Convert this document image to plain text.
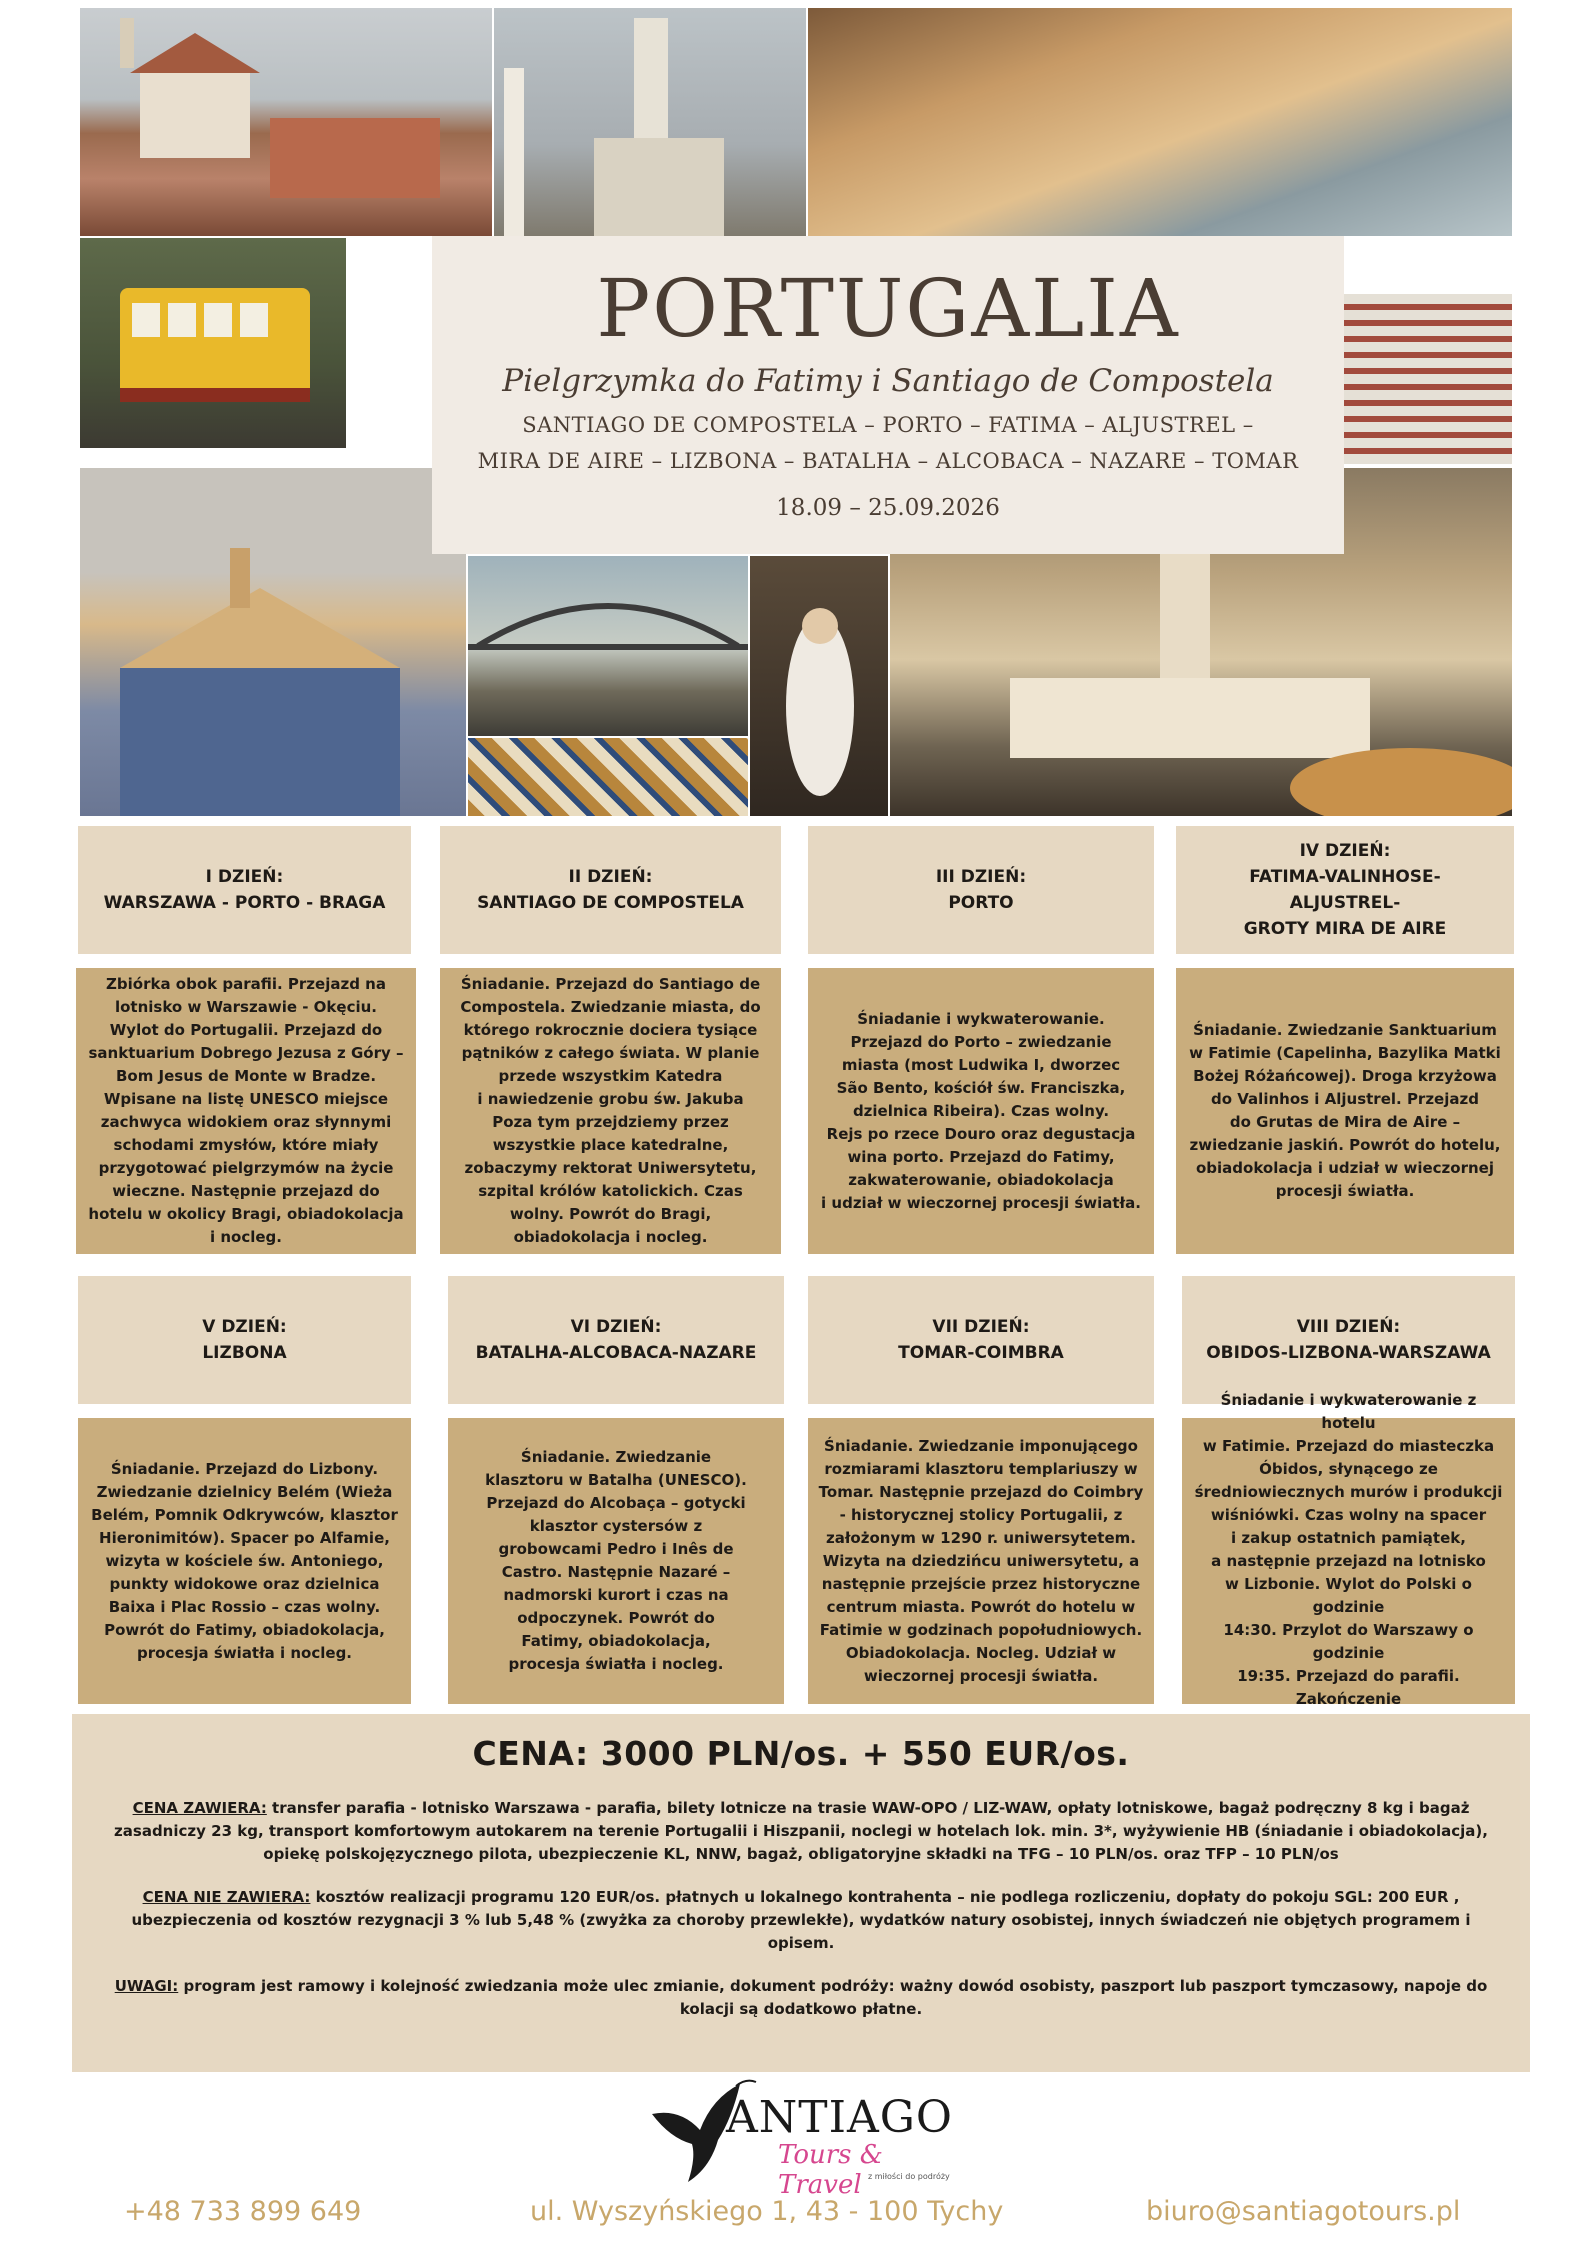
PORTUGALIA
Pielgrzymka do Fatimy i Santiago de Compostela
SANTIAGO DE COMPOSTELA – PORTO – FATIMA – ALJUSTREL –
MIRA DE AIRE – LIZBONA – BATALHA – ALCOBACA – NAZARE – TOMAR
18.09 – 25.09.2026
I DZIEŃ:
WARSZAWA - PORTO - BRAGA
II DZIEŃ:
SANTIAGO DE COMPOSTELA
III DZIEŃ:
PORTO
IV DZIEŃ:
FATIMA-VALINHOSE-
ALJUSTREL-
GROTY MIRA DE AIRE
Zbiórka obok parafii. Przejazd na
lotnisko w Warszawie - Okęciu.
Wylot do Portugalii. Przejazd do
sanktuarium Dobrego Jezusa z Góry –
Bom Jesus de Monte w Bradze.
Wpisane na listę UNESCO miejsce
zachwyca widokiem oraz słynnymi
schodami zmysłów, które miały
przygotować pielgrzymów na życie
wieczne. Następnie przejazd do
hotelu w okolicy Bragi, obiadokolacja
i nocleg.
Śniadanie. Przejazd do Santiago de
Compostela. Zwiedzanie miasta, do
którego rokrocznie dociera tysiące
pątników z całego świata. W planie
przede wszystkim Katedra
i nawiedzenie grobu św. Jakuba
Poza tym przejdziemy przez
wszystkie place katedralne,
zobaczymy rektorat Uniwersytetu,
szpital królów katolickich. Czas
wolny. Powrót do Bragi,
obiadokolacja i nocleg.
Śniadanie i wykwaterowanie.
Przejazd do Porto – zwiedzanie
miasta (most Ludwika I, dworzec
São Bento, kościół św. Franciszka,
dzielnica Ribeira). Czas wolny.
Rejs po rzece Douro oraz degustacja
wina porto. Przejazd do Fatimy,
zakwaterowanie, obiadokolacja
i udział w wieczornej procesji światła.
Śniadanie. Zwiedzanie Sanktuarium
w Fatimie (Capelinha, Bazylika Matki
Bożej Różańcowej). Droga krzyżowa
do Valinhos i Aljustrel. Przejazd
do Grutas de Mira de Aire –
zwiedzanie jaskiń. Powrót do hotelu,
obiadokolacja i udział w wieczornej
procesji światła.
V DZIEŃ:
LIZBONA
VI DZIEŃ:
BATALHA-ALCOBACA-NAZARE
VII DZIEŃ:
TOMAR-COIMBRA
VIII DZIEŃ:
OBIDOS-LIZBONA-WARSZAWA
Śniadanie. Przejazd do Lizbony.
Zwiedzanie dzielnicy Belém (Wieża
Belém, Pomnik Odkrywców, klasztor
Hieronimitów). Spacer po Alfamie,
wizyta w kościele św. Antoniego,
punkty widokowe oraz dzielnica
Baixa i Plac Rossio – czas wolny.
Powrót do Fatimy, obiadokolacja,
procesja światła i nocleg.
Śniadanie. Zwiedzanie
klasztoru w Batalha (UNESCO).
Przejazd do Alcobaça – gotycki
klasztor cystersów z
grobowcami Pedro i Inês de
Castro. Następnie Nazaré –
nadmorski kurort i czas na
odpoczynek. Powrót do
Fatimy, obiadokolacja,
procesja światła i nocleg.
Śniadanie. Zwiedzanie imponującego
rozmiarami klasztoru templariuszy w
Tomar. Następnie przejazd do Coimbry
- historycznej stolicy Portugalii, z
założonym w 1290 r. uniwersytetem.
Wizyta na dziedzińcu uniwersytetu, a
następnie przejście przez historyczne
centrum miasta. Powrót do hotelu w
Fatimie w godzinach popołudniowych.
Obiadokolacja. Nocleg. Udział w
wieczornej procesji światła.
hotelu
w Fatimie. Przejazd do miasteczka
Óbidos, słynącego ze
średniowiecznych murów i produkcji
wiśniówki. Czas wolny na spacer
i zakup ostatnich pamiątek,
a następnie przejazd na lotnisko
w Lizbonie. Wylot do Polski o godzinie
14:30. Przylot do Warszawy o godzinie
19:35. Przejazd do parafii. Zakończenie

CENA: 3000 PLN/os. + 550 EUR/os.

CENA ZAWIERA: transfer parafia - lotnisko Warszawa - parafia, bilety lotnicze na trasie WAW-OPO / LIZ-WAW, opłaty lotniskowe, bagaż podręczny 8 kg i bagaż zasadniczy 23 kg, transport komfortowym autokarem na terenie Portugalii i Hiszpanii, noclegi w hotelach lok. min. 3*, wyżywienie HB (śniadanie i obiadokolacja), opiekę polskojęzycznego pilota, ubezpieczenie KL, NNW, bagaż, obligatoryjne składki na TFG – 10 PLN/os. oraz TFP – 10 PLN/os

CENA NIE ZAWIERA: kosztów realizacji programu 120 EUR/os. płatnych u lokalnego kontrahenta – nie podlega rozliczeniu, dopłaty do pokoju SGL: 200 EUR , ubezpieczenia od kosztów rezygnacji 3 % lub 5,48 % (zwyżka za choroby przewlekłe), wydatków natury osobistej, innych świadczeń nie objętych programem i opisem.

UWAGI: program jest ramowy i kolejność zwiedzania może ulec zmianie, dokument podróży: ważny dowód osobisty, paszport lub paszport tymczasowy, napoje do kolacji są dodatkowo płatne.

ANTIAGO
Tours & Travel z miłości do podróży
+48 733 899 649	ul. Wyszyńskiego 1, 43 - 100 Tychy	biuro@santiagotours.pl
